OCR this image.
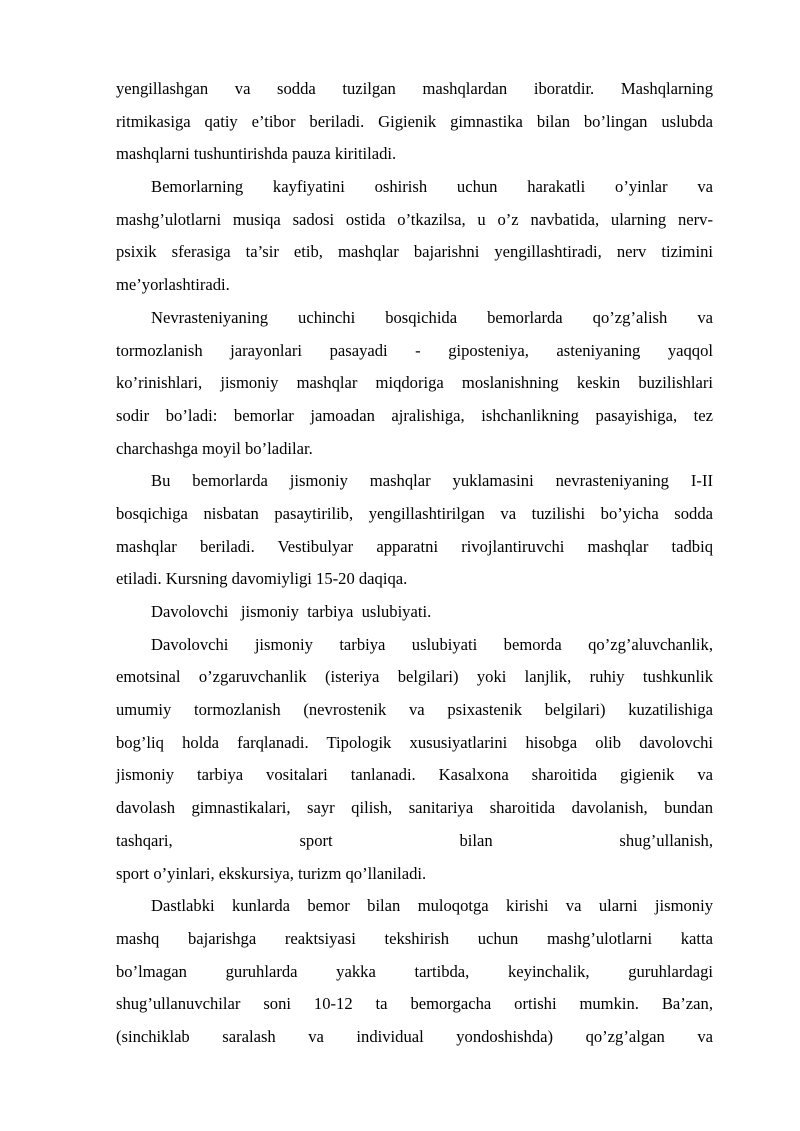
yengillashgan va sodda tuzilgan mashqlardan iboratdir. Mashqlarning
ritmikasiga qatiy e’tibor beriladi. Gigienik gimnastika bilan bo’lingan uslubda
mashqlarni tushuntirishda pauza kiritiladi.
Bemorlarning kayfiyatini oshirish uchun harakatli o’yinlar va
mashg’ulotlarni musiqa sadosi ostida o’tkazilsa, u o’z navbatida, ularning nerv-
psixik sferasiga ta’sir etib, mashqlar bajarishni yengillashtiradi, nerv tizimini
me’yorlashtiradi.
Nevrasteniyaning uchinchi bosqichida bemorlarda qo’zg’alish va
tormozlanish jarayonlari pasayadi - giposteniya, asteniyaning yaqqol
ko’rinishlari, jismoniy mashqlar miqdoriga moslanishning keskin buzilishlari
sodir bo’ladi: bemorlar jamoadan ajralishiga, ishchanlikning pasayishiga, tez
charchashga moyil bo’ladilar.
Bu bemorlarda jismoniy mashqlar yuklamasini nevrasteniyaning I-II
bosqichiga nisbatan pasaytirilib, yengillashtirilgan va tuzilishi bo’yicha sodda
mashqlar beriladi. Vestibulyar apparatni rivojlantiruvchi mashqlar tadbiq
etiladi. Kursning davomiyligi 15-20 daqiqa.
Davolovchi   jismoniy  tarbiya  uslubiyati.
Davolovchi jismoniy tarbiya uslubiyati bemorda qo’zg’aluvchanlik,
emotsinal o’zgaruvchanlik (isteriya belgilari) yoki lanjlik, ruhiy tushkunlik
umumiy tormozlanish (nevrostenik va psixastenik belgilari) kuzatilishiga
bog’liq holda farqlanadi. Tipologik xususiyatlarini hisobga olib davolovchi
jismoniy tarbiya vositalari tanlanadi. Kasalxona sharoitida gigienik va
davolash gimnastikalari, sayr qilish, sanitariya sharoitida davolanish, bundan
tashqari, sport bilan shug’ullanish,
sport o’yinlari, ekskursiya, turizm qo’llaniladi.
Dastlabki kunlarda bemor bilan muloqotga kirishi va ularni jismoniy
mashq bajarishga reaktsiyasi tekshirish uchun mashg’ulotlarni katta
bo’lmagan guruhlarda yakka tartibda, keyinchalik, guruhlardagi
shug’ullanuvchilar soni 10-12 ta bemorgacha ortishi mumkin. Ba’zan,
(sinchiklab saralash va individual yondoshishda) qo’zg’algan va
